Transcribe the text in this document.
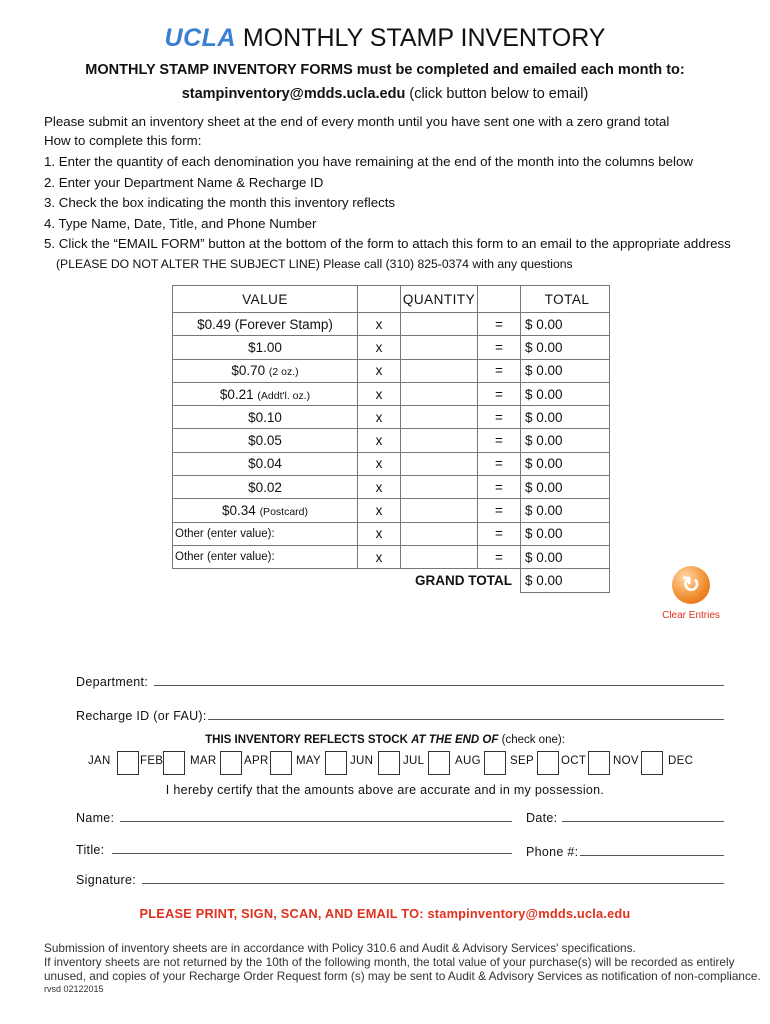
UCLA MONTHLY STAMP INVENTORY
MONTHLY STAMP INVENTORY FORMS must be completed and emailed each month to:
stampinventory@mdds.ucla.edu (click button below to email)
Please submit an inventory sheet at the end of every month until you have sent one with a zero grand total
How to complete this form:
1. Enter the quantity of each denomination you have remaining at the end of the month into the columns below
2. Enter your Department Name & Recharge ID
3. Check the box indicating the month this inventory reflects
4. Type Name, Date, Title, and Phone Number
5. Click the “EMAIL FORM” button at the bottom of the form to attach this form to an email to the appropriate address
(PLEASE DO NOT ALTER THE SUBJECT LINE) Please call (310) 825-0374 with any questions
VALUE		QUANTITY		TOTAL
$0.49 (Forever Stamp)	x		=	$ 0.00
$1.00	x		=	$ 0.00
$0.70 (2 oz.)	x		=	$ 0.00
$0.21 (Addt'l. oz.)	x		=	$ 0.00
$0.10	x		=	$ 0.00
$0.05	x		=	$ 0.00
$0.04	x		=	$ 0.00
$0.02	x		=	$ 0.00
$0.34 (Postcard)	x		=	$ 0.00
Other (enter value):	x		=	$ 0.00
Other (enter value):	x		=	$ 0.00
	GRAND TOTAL			$ 0.00	↻
Clear Entries
Department:
Recharge ID (or FAU):
THIS INVENTORY REFLECTS STOCK AT THE END OF (check one):
JAN	FEB MAR APR MAY	JUN	JUL	AUG	SEP OCT NOV	DEC
I hereby certify that the amounts above are accurate and in my possession.
Name:	Date:
Title:	Phone #:
Signature:
PLEASE PRINT, SIGN, SCAN, AND EMAIL TO: stampinventory@mdds.ucla.edu
Submission of inventory sheets are in accordance with Policy 310.6 and Audit & Advisory Services' specifications.
If inventory sheets are not returned by the 10th of the following month, the total value of your purchase(s) will be recorded as entirely
unused, and copies of your Recharge Order Request form (s) may be sent to Audit & Advisory Services as notification of non-compliance.
rvsd 02122015
